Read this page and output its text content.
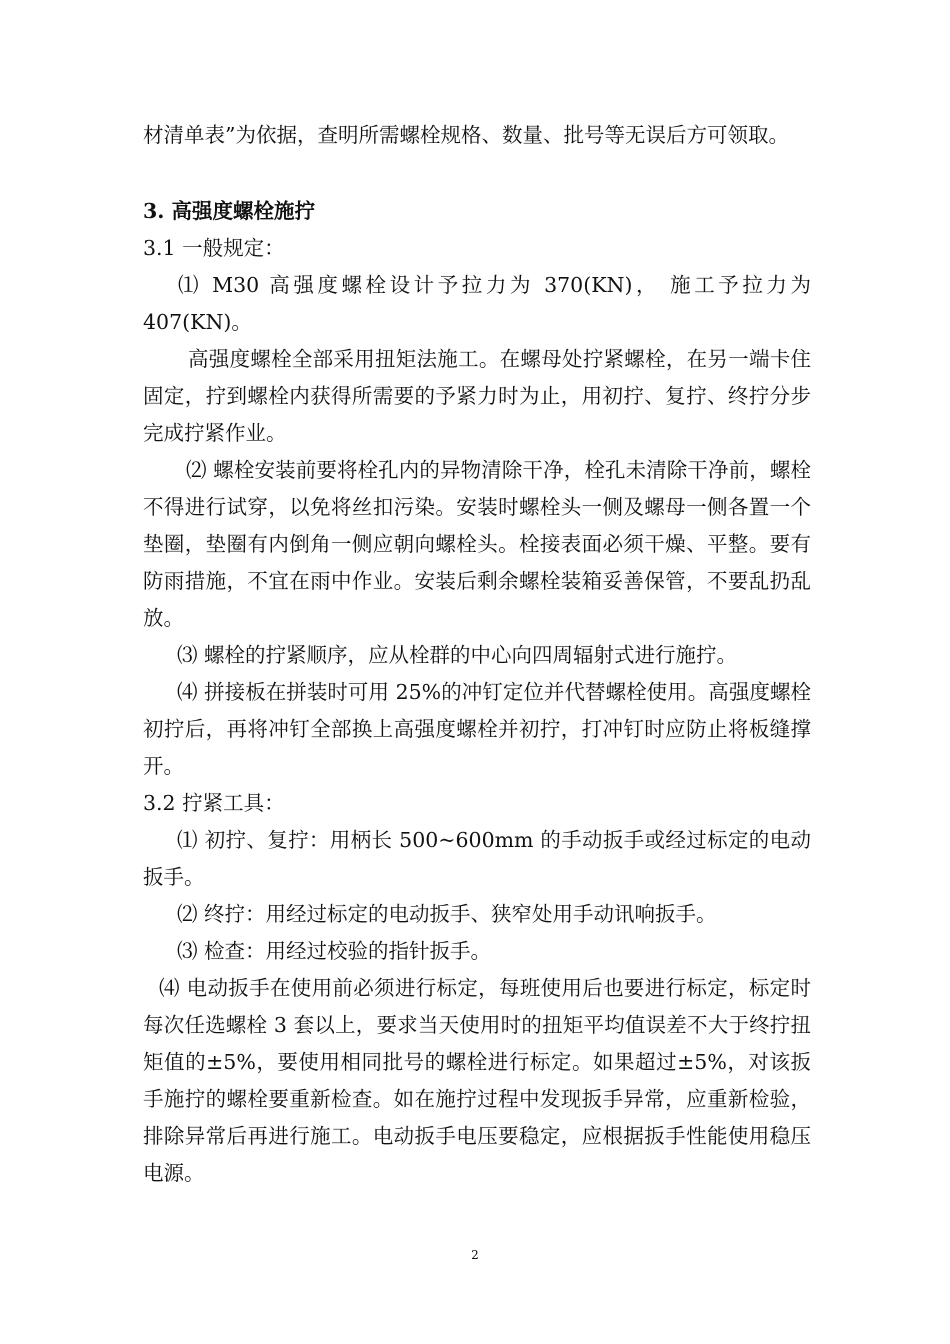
材清单表”为依据，查明所需螺栓规格、数量、批号等无误后方可领取。
3. 高强度螺栓施拧
3.1 一般规定：
⑴ M30 高强度螺栓设计予拉力为 370(KN)， 施工予拉力为
407(KN)。
高强度螺栓全部采用扭矩法施工。在螺母处拧紧螺栓，在另一端卡住固定，拧到螺栓内获得所需要的予紧力时为止，用初拧、复拧、终拧分步完成拧紧作业。
⑵ 螺栓安装前要将栓孔内的异物清除干净，栓孔未清除干净前，螺栓不得进行试穿，以免将丝扣污染。安装时螺栓头一侧及螺母一侧各置一个垫圈，垫圈有内倒角一侧应朝向螺栓头。栓接表面必须干燥、平整。要有防雨措施，不宜在雨中作业。安装后剩余螺栓装箱妥善保管，不要乱扔乱放。
⑶ 螺栓的拧紧顺序，应从栓群的中心向四周辐射式进行施拧。
⑷ 拼接板在拼装时可用 25%的冲钉定位并代替螺栓使用。高强度螺栓初拧后，再将冲钉全部换上高强度螺栓并初拧，打冲钉时应防止将板缝撑开。
3.2 拧紧工具：
⑴ 初拧、复拧：用柄长 500~600mm 的手动扳手或经过标定的电动扳手。
⑵ 终拧：用经过标定的电动扳手、狭窄处用手动讯响扳手。
⑶ 检查：用经过校验的指针扳手。
⑷ 电动扳手在使用前必须进行标定，每班使用后也要进行标定，标定时每次任选螺栓 3 套以上，要求当天使用时的扭矩平均值误差不大于终拧扭矩值的±5%，要使用相同批号的螺栓进行标定。如果超过±5%，对该扳手施拧的螺栓要重新检查。如在施拧过程中发现扳手异常，应重新检验，排除异常后再进行施工。电动扳手电压要稳定，应根据扳手性能使用稳压电源。
2
